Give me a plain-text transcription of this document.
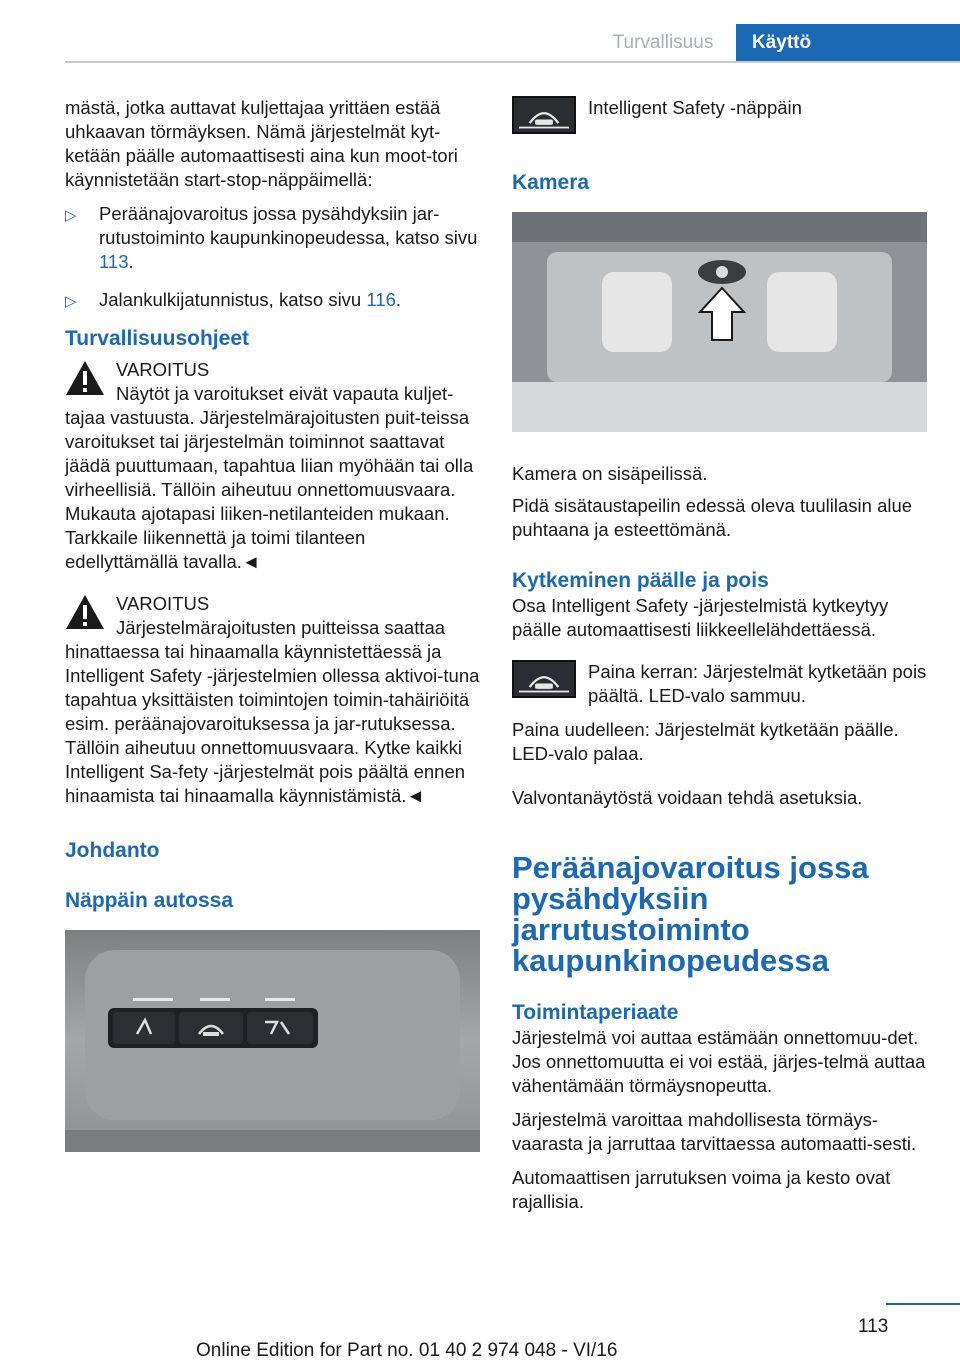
Turvallisuus	Käyttö

mästä, jotka auttavat kuljettajaa yrittäen estää uhkaavan törmäyksen. Nämä järjestelmät kyt‐ketään päälle automaattisesti aina kun moot‐tori käynnistetään start-stop-näppäimellä:

▷ Peräänajovaroitus jossa pysähdyksiin jar‐rutustoiminto kaupunkinopeudessa, katso sivu 113.
▷ Jalankulkijatunnistus, katso sivu 116.
Turvallisuusohjeet
VAROITUS
Näytöt ja varoitukset eivät vapauta kuljet‐
tajaa vastuusta. Järjestelmärajoitusten puit‐teissa varoitukset tai järjestelmän toiminnot saattavat jäädä puuttumaan, tapahtua liian myöhään tai olla virheellisiä. Tällöin aiheutuu onnettomuusvaara. Mukauta ajotapasi liiken‐netilanteiden mukaan. Tarkkaile liikennettä ja toimi tilanteen edellyttämällä tavalla.◄
VAROITUS
Järjestelmärajoitusten puitteissa saattaa
hinattaessa tai hinaamalla käynnistettäessä ja Intelligent Safety -järjestelmien ollessa aktivoi‐tuna tapahtua yksittäisten toimintojen toimin‐tahäiriöitä esim. peräänajovaroituksessa ja jar‐rutuksessa. Tällöin aiheutuu onnettomuusvaara. Kytke kaikki Intelligent Sa‐fety -järjestelmät pois päältä ennen hinaamista tai hinaamalla käynnistämistä.◄
Johdanto
Näppäin autossa
Intelligent Safety -näppäin
Kamera

Kamera on sisäpeilissä.

Pidä sisätaustapeilin edessä oleva tuulilasin alue puhtaana ja esteettömänä.

Kytkeminen päälle ja pois

Osa Intelligent Safety -järjestelmistä kytkeytyy päälle automaattisesti liikkeellelähdettäessä.

Paina kerran: Järjestelmät kytketään pois päältä. LED-valo sammuu.

Paina uudelleen: Järjestelmät kytketään päälle. LED-valo palaa.

Valvontanäytöstä voidaan tehdä asetuksia.

Peräänajovaroitus jossa pysähdyksiin jarrutustoiminto kaupunkinopeudessa
Toimintaperiaate

Järjestelmä voi auttaa estämään onnettomuu‐det. Jos onnettomuutta ei voi estää, järjes‐telmä auttaa vähentämään törmäysnopeutta.

Järjestelmä varoittaa mahdollisesta törmäys‐vaarasta ja jarruttaa tarvittaessa automaatti‐sesti.

Automaattisen jarrutuksen voima ja kesto ovat rajallisia.

113
Online Edition for Part no. 01 40 2 974 048 - VI/16
